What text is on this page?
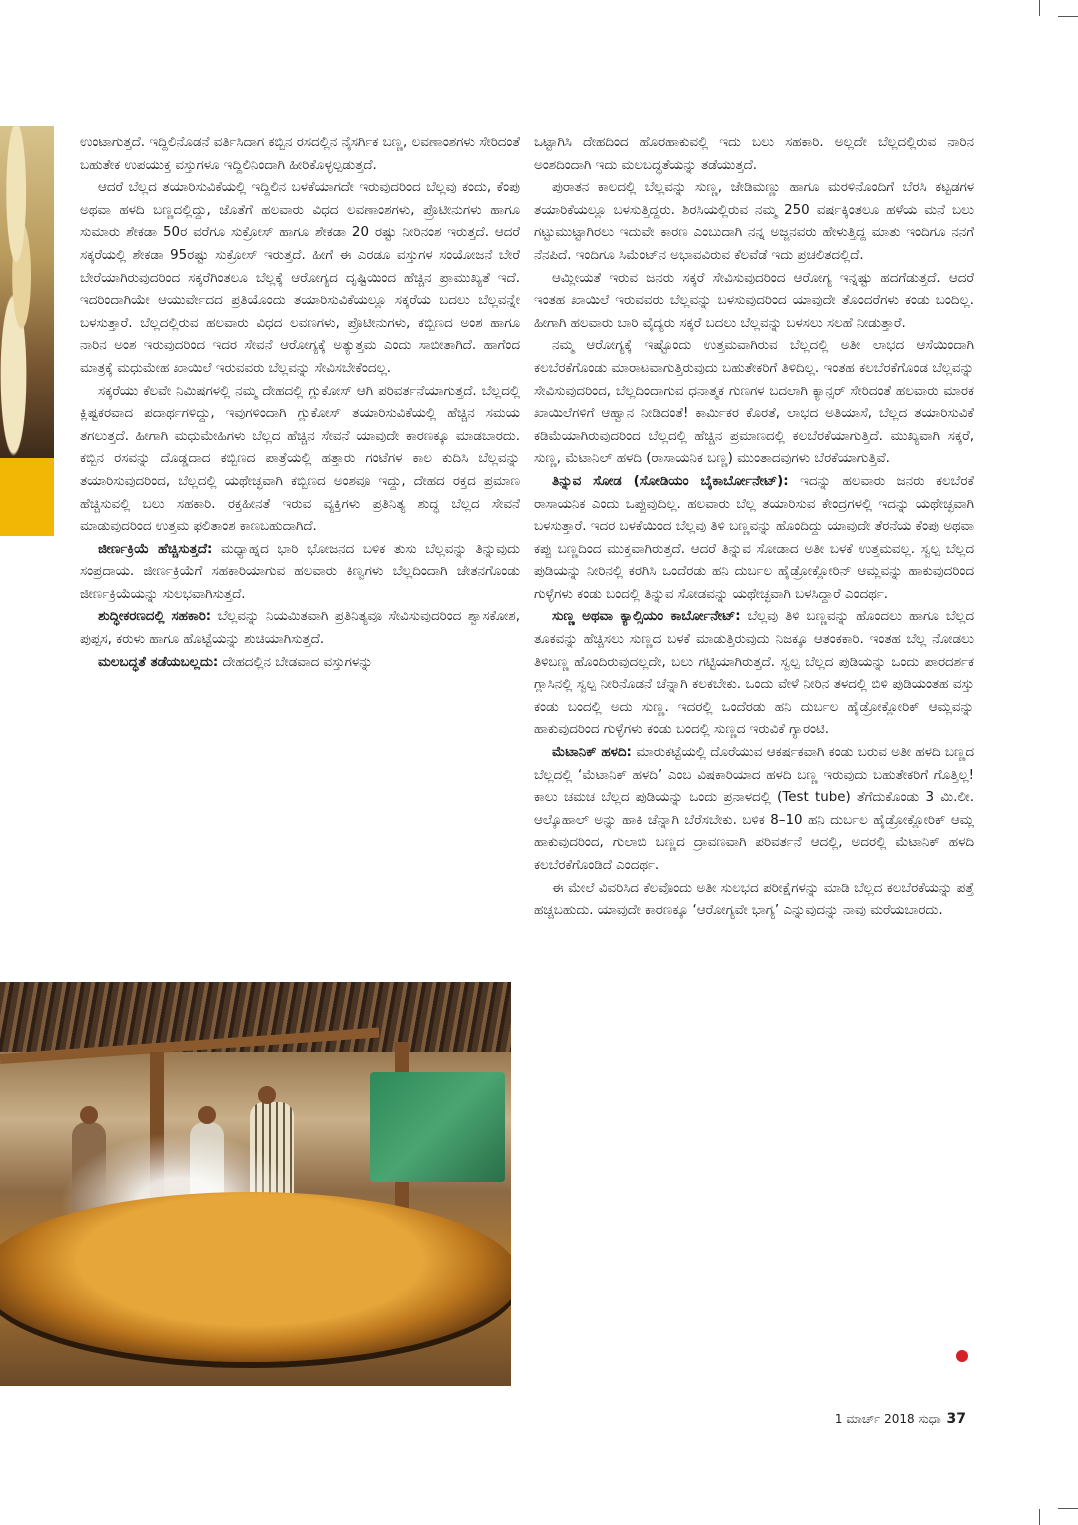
ಉಂಟಾಗುತ್ತದೆ. ಇದ್ದಿಲಿನೊಡನೆ ವರ್ತಿಸಿದಾಗ ಕಬ್ಬಿನ ರಸದಲ್ಲಿನ ನೈಸರ್ಗಿಕ ಬಣ್ಣ, ಲವಣಾಂಶಗಳು ಸೇರಿದಂತೆ ಬಹುತೇಕ ಉಪಯುಕ್ತ ವಸ್ತುಗಳೂ ಇದ್ದಿಲಿನಿಂದಾಗಿ ಹೀರಿಕೊಳ್ಳಲ್ಪಡುತ್ತದೆ.

ಆದರೆ ಬೆಲ್ಲದ ತಯಾರಿಸುವಿಕೆಯಲ್ಲಿ ಇದ್ದಿಲಿನ ಬಳಕೆಯಾಗದೇ ಇರುವುದರಿಂದ ಬೆಲ್ಲವು ಕಂದು, ಕೆಂಪು ಅಥವಾ ಹಳದಿ ಬಣ್ಣದಲ್ಲಿದ್ದು, ಜೊತೆಗೆ ಹಲವಾರು ವಿಧದ ಲವಣಾಂಶಗಳು, ಪ್ರೊಟೀನುಗಳು ಹಾಗೂ ಸುಮಾರು ಶೇಕಡಾ 50ರ ವರೆಗೂ ಸುಕ್ರೋಸ್ ಹಾಗೂ ಶೇಕಡಾ 20 ರಷ್ಟು ನೀರಿನಂಶ ಇರುತ್ತದೆ. ಆದರೆ ಸಕ್ಕರೆಯಲ್ಲಿ ಶೇಕಡಾ 95ರಷ್ಟು ಸುಕ್ರೋಸ್ ಇರುತ್ತದೆ. ಹೀಗೆ ಈ ಎರಡೂ ವಸ್ತುಗಳ ಸಂಯೋಜನೆ ಬೇರೆ ಬೇರೆಯಾಗಿರುವುದರಿಂದ ಸಕ್ಕರೆಗಿಂತಲೂ ಬೆಲ್ಲಕ್ಕೆ ಆರೋಗ್ಯದ ದೃಷ್ಟಿಯಿಂದ ಹೆಚ್ಚಿನ ಪ್ರಾಮುಖ್ಯತೆ ಇದೆ. ಇದರಿಂದಾಗಿಯೇ ಆಯುರ್ವೇದದ ಪ್ರತಿಯೊಂದು ತಯಾರಿಸುವಿಕೆಯಲ್ಲೂ ಸಕ್ಕರೆಯ ಬದಲು ಬೆಲ್ಲವನ್ನೇ ಬಳಸುತ್ತಾರೆ. ಬೆಲ್ಲದಲ್ಲಿರುವ ಹಲವಾರು ವಿಧದ ಲವಣಗಳು, ಪ್ರೊಟೀನುಗಳು, ಕಬ್ಬಿಣದ ಅಂಶ ಹಾಗೂ ನಾರಿನ ಅಂಶ ಇರುವುದರಿಂದ ಇದರ ಸೇವನೆ ಆರೋಗ್ಯಕ್ಕೆ ಅತ್ಯುತ್ತಮ ಎಂದು ಸಾಬೀತಾಗಿದೆ. ಹಾಗೆಂದ ಮಾತ್ರಕ್ಕೆ ಮಧುಮೇಹ ಖಾಯಿಲೆ ಇರುವವರು ಬೆಲ್ಲವನ್ನು ಸೇವಿಸಬೇಕೆಂದಲ್ಲ.

ಸಕ್ಕರೆಯು ಕೆಲವೇ ನಿಮಿಷಗಳಲ್ಲಿ ನಮ್ಮ ದೇಹದಲ್ಲಿ ಗ್ಲುಕೋಸ್ ಆಗಿ ಪರಿವರ್ತನೆಯಾಗುತ್ತದೆ. ಬೆಲ್ಲದಲ್ಲಿ ಕ್ಲಿಷ್ಟಕರವಾದ ಪದಾರ್ಥಗಳಿದ್ದು, ಇವುಗಳಿಂದಾಗಿ ಗ್ಲುಕೋಸ್ ತಯಾರಿಸುವಿಕೆಯಲ್ಲಿ ಹೆಚ್ಚಿನ ಸಮಯ ತಗಲುತ್ತದೆ. ಹೀಗಾಗಿ ಮಧುಮೇಹಿಗಳು ಬೆಲ್ಲದ ಹೆಚ್ಚಿನ ಸೇವನೆ ಯಾವುದೇ ಕಾರಣಕ್ಕೂ ಮಾಡಬಾರದು. ಕಬ್ಬಿನ ರಸವನ್ನು ದೊಡ್ಡದಾದ ಕಬ್ಬಿಣದ ಪಾತ್ರೆಯಲ್ಲಿ ಹತ್ತಾರು ಗಂಟೆಗಳ ಕಾಲ ಕುದಿಸಿ ಬೆಲ್ಲವನ್ನು ತಯಾರಿಸುವುದರಿಂದ, ಬೆಲ್ಲದಲ್ಲಿ ಯಥೇಚ್ಛವಾಗಿ ಕಬ್ಬಿಣದ ಅಂಶವೂ ಇದ್ದು, ದೇಹದ ರಕ್ತದ ಪ್ರಮಾಣ ಹೆಚ್ಚಿಸುವಲ್ಲಿ ಬಲು ಸಹಕಾರಿ. ರಕ್ತಹೀನತೆ ಇರುವ ವ್ಯಕ್ತಿಗಳು ಪ್ರತಿನಿತ್ಯ ಶುದ್ಧ ಬೆಲ್ಲದ ಸೇವನೆ ಮಾಡುವುದರಿಂದ ಉತ್ತಮ ಫಲಿತಾಂಶ ಕಾಣಬಹುದಾಗಿದೆ.

ಜೀರ್ಣಕ್ರಿಯೆ ಹೆಚ್ಚಿಸುತ್ತದೆ: ಮಧ್ಯಾಹ್ನದ ಭಾರಿ ಭೋಜನದ ಬಳಿಕ ತುಸು ಬೆಲ್ಲವನ್ನು ತಿನ್ನುವುದು ಸಂಪ್ರದಾಯ. ಜೀರ್ಣಕ್ರಿಯೆಗೆ ಸಹಕಾರಿಯಾಗುವ ಹಲವಾರು ಕಿಣ್ವಗಳು ಬೆಲ್ಲದಿಂದಾಗಿ ಚೇತನಗೊಂಡು ಜೀರ್ಣಕ್ರಿಯೆಯನ್ನು ಸುಲಭವಾಗಿಸುತ್ತದೆ.

ಶುದ್ಧೀಕರಣದಲ್ಲಿ ಸಹಕಾರಿ: ಬೆಲ್ಲವನ್ನು ನಿಯಮಿತವಾಗಿ ಪ್ರತಿನಿತ್ಯವೂ ಸೇವಿಸುವುದರಿಂದ ಶ್ವಾಸಕೋಶ, ಪುಪ್ಪಸ, ಕರುಳು ಹಾಗೂ ಹೊಟ್ಟೆಯನ್ನು ಶುಚಿಯಾಗಿಸುತ್ತದೆ.

ಮಲಬದ್ಧತೆ ತಡೆಯಬಲ್ಲದು: ದೇಹದಲ್ಲಿನ ಬೇಡವಾದ ವಸ್ತುಗಳನ್ನು

ಒಟ್ಟಾಗಿಸಿ ದೇಹದಿಂದ ಹೊರಹಾಕುವಲ್ಲಿ ಇದು ಬಲು ಸಹಕಾರಿ. ಅಲ್ಲದೇ ಬೆಲ್ಲದಲ್ಲಿರುವ ನಾರಿನ ಅಂಶದಿಂದಾಗಿ ಇದು ಮಲಬದ್ಧತೆಯನ್ನು ತಡೆಯುತ್ತದೆ.

ಪುರಾತನ ಕಾಲದಲ್ಲಿ ಬೆಲ್ಲವನ್ನು ಸುಣ್ಣ, ಜೇಡಿಮಣ್ಣು ಹಾಗೂ ಮರಳಿನೊಂದಿಗೆ ಬೆರಸಿ ಕಟ್ಟಡಗಳ ತಯಾರಿಕೆಯಲ್ಲೂ ಬಳಸುತ್ತಿದ್ದರು. ಶಿರಸಿಯಲ್ಲಿರುವ ನಮ್ಮ 250 ವರ್ಷಕ್ಕಿಂತಲೂ ಹಳೆಯ ಮನೆ ಬಲು ಗಟ್ಟುಮುಟ್ಟಾಗಿರಲು ಇದುವೇ ಕಾರಣ ಎಂಬುದಾಗಿ ನನ್ನ ಅಜ್ಜನವರು ಹೇಳುತ್ತಿದ್ದ ಮಾತು ಇಂದಿಗೂ ನನಗೆ ನೆನಪಿದೆ. ಇಂದಿಗೂ ಸಿಮೆಂಟ್‌ನ ಅಭಾವವಿರುವ ಕೆಲವೆಡೆ ಇದು ಪ್ರಚಲಿತದಲ್ಲಿದೆ.

ಆಮ್ಲೀಯತೆ ಇರುವ ಜನರು ಸಕ್ಕರೆ ಸೇವಿಸುವುದರಿಂದ ಆರೋಗ್ಯ ಇನ್ನಷ್ಟು ಹದಗೆಡುತ್ತದೆ. ಆದರೆ ಇಂತಹ ಖಾಯಿಲೆ ಇರುವವರು ಬೆಲ್ಲವನ್ನು ಬಳಸುವುದರಿಂದ ಯಾವುದೇ ತೊಂದರೆಗಳು ಕಂಡು ಬಂದಿಲ್ಲ. ಹೀಗಾಗಿ ಹಲವಾರು ಬಾರಿ ವೈದ್ಯರು ಸಕ್ಕರೆ ಬದಲು ಬೆಲ್ಲವನ್ನು ಬಳಸಲು ಸಲಹೆ ನೀಡುತ್ತಾರೆ.

ನಮ್ಮ ಆರೋಗ್ಯಕ್ಕೆ ಇಷ್ಟೊಂದು ಉತ್ತಮವಾಗಿರುವ ಬೆಲ್ಲದಲ್ಲಿ ಅತೀ ಲಾಭದ ಆಸೆಯಿಂದಾಗಿ ಕಲಬೆರಕೆಗೊಂಡು ಮಾರಾಟವಾಗುತ್ತಿರುವುದು ಬಹುತೇಕರಿಗೆ ತಿಳಿದಿಲ್ಲ. ಇಂತಹ ಕಲಬೆರಕೆಗೊಂಡ ಬೆಲ್ಲವನ್ನು ಸೇವಿಸುವುದರಿಂದ, ಬೆಲ್ಲದಿಂದಾಗುವ ಧನಾತ್ಮಕ ಗುಣಗಳ ಬದಲಾಗಿ ಕ್ಯಾನ್ಸರ್ ಸೇರಿದಂತೆ ಹಲವಾರು ಮಾರಕ ಖಾಯಿಲೆಗಳಿಗೆ ಆಹ್ವಾನ ನೀಡಿದಂತೆ! ಕಾರ್ಮಿಕರ ಕೊರತೆ, ಲಾಭದ ಅತಿಯಾಸೆ, ಬೆಲ್ಲದ ತಯಾರಿಸುವಿಕೆ ಕಡಿಮೆಯಾಗಿರುವುದರಿಂದ ಬೆಲ್ಲದಲ್ಲಿ ಹೆಚ್ಚಿನ ಪ್ರಮಾಣದಲ್ಲಿ ಕಲಬೆರಕೆಯಾಗುತ್ತಿದೆ. ಮುಖ್ಯವಾಗಿ ಸಕ್ಕರೆ, ಸುಣ್ಣ, ಮೆಟಾನಿಲ್ ಹಳದಿ (ರಾಸಾಯನಿಕ ಬಣ್ಣ) ಮುಂತಾದವುಗಳು ಬೆರಕೆಯಾಗುತ್ತಿವೆ.

ತಿನ್ನುವ ಸೋಡ (ಸೋಡಿಯಂ ಬೈಕಾರ್ಬೋನೇಟ್): ಇದನ್ನು ಹಲವಾರು ಜನರು ಕಲಬೆರಕೆ ರಾಸಾಯನಿಕ ಎಂದು ಒಪ್ಪುವುದಿಲ್ಲ. ಹಲವಾರು ಬೆಲ್ಲ ತಯಾರಿಸುವ ಕೇಂದ್ರಗಳಲ್ಲಿ ಇದನ್ನು ಯಥೇಚ್ಛವಾಗಿ ಬಳಸುತ್ತಾರೆ. ಇದರ ಬಳಕೆಯಿಂದ ಬೆಲ್ಲವು ತಿಳಿ ಬಣ್ಣವನ್ನು ಹೊಂದಿದ್ದು ಯಾವುದೇ ತೆರನೆಯ ಕೆಂಪು ಅಥವಾ ಕಪ್ಪು ಬಣ್ಣದಿಂದ ಮುಕ್ತವಾಗಿರುತ್ತದೆ. ಆದರೆ ತಿನ್ನುವ ಸೋಡಾದ ಅತೀ ಬಳಕೆ ಉತ್ತಮವಲ್ಲ. ಸ್ವಲ್ಪ ಬೆಲ್ಲದ ಪುಡಿಯನ್ನು ನೀರಿನಲ್ಲಿ ಕರಗಿಸಿ ಒಂದೆರಡು ಹನಿ ದುರ್ಬಲ ಹೈಡ್ರೋಕ್ಲೋರಿನ್ ಆಮ್ಲವನ್ನು ಹಾಕುವುದರಿಂದ ಗುಳ್ಳೆಗಳು ಕಂಡು ಬಂದಲ್ಲಿ ತಿನ್ನುವ ಸೋಡವನ್ನು ಯಥೇಚ್ಛವಾಗಿ ಬಳಸಿದ್ದಾರೆ ಎಂದರ್ಥ.

ಸುಣ್ಣ ಅಥವಾ ಕ್ಯಾಲ್ಸಿಯಂ ಕಾರ್ಬೋನೇಟ್: ಬೆಲ್ಲವು ತಿಳಿ ಬಣ್ಣವನ್ನು ಹೊಂದಲು ಹಾಗೂ ಬೆಲ್ಲದ ತೂಕವನ್ನು ಹೆಚ್ಚಿಸಲು ಸುಣ್ಣದ ಬಳಕೆ ಮಾಡುತ್ತಿರುವುದು ನಿಜಕ್ಕೂ ಆತಂಕಕಾರಿ. ಇಂತಹ ಬೆಲ್ಲ ನೋಡಲು ತಿಳಿಬಣ್ಣ ಹೊಂದಿರುವುದಲ್ಲದೇ, ಬಲು ಗಟ್ಟಿಯಾಗಿರುತ್ತದೆ. ಸ್ವಲ್ಪ ಬೆಲ್ಲದ ಪುಡಿಯನ್ನು ಒಂದು ಪಾರದರ್ಶಕ ಗ್ಲಾಸಿನಲ್ಲಿ ಸ್ವಲ್ಪ ನೀರಿನೊಡನೆ ಚೆನ್ನಾಗಿ ಕಲಕಬೇಕು. ಒಂದು ವೇಳೆ ನೀರಿನ ತಳದಲ್ಲಿ ಬಿಳಿ ಪುಡಿಯಂತಹ ವಸ್ತು ಕಂಡು ಬಂದಲ್ಲಿ ಅದು ಸುಣ್ಣ. ಇದರಲ್ಲಿ ಒಂದೆರಡು ಹನಿ ದುರ್ಬಲ ಹೈಡ್ರೋಕ್ಲೋರಿಕ್ ಆಮ್ಲವನ್ನು ಹಾಕುವುದರಿಂದ ಗುಳ್ಳೆಗಳು ಕಂಡು ಬಂದಲ್ಲಿ ಸುಣ್ಣದ ಇರುವಿಕೆ ಗ್ಯಾರಂಟಿ.

ಮೆಟಾನಿಕ್ ಹಳದಿ: ಮಾರುಕಟ್ಟೆಯಲ್ಲಿ ದೊರೆಯುವ ಆಕರ್ಷಕವಾಗಿ ಕಂಡು ಬರುವ ಅತೀ ಹಳದಿ ಬಣ್ಣದ ಬೆಲ್ಲದಲ್ಲಿ ‘ಮೆಟಾನಿಕ್ ಹಳದಿ’ ಎಂಬ ವಿಷಕಾರಿಯಾದ ಹಳದಿ ಬಣ್ಣ ಇರುವುದು ಬಹುತೇಕರಿಗೆ ಗೊತ್ತಿಲ್ಲ! ಕಾಲು ಚಮಚ ಬೆಲ್ಲದ ಪುಡಿಯನ್ನು ಒಂದು ಪ್ರನಾಳದಲ್ಲಿ (Test tube) ತೆಗೆದುಕೊಂಡು 3 ಮಿ.ಲೀ. ಆಲ್ಕೊಹಾಲ್ ಅನ್ನು ಹಾಕಿ ಚೆನ್ನಾಗಿ ಬೆರೆಸಬೇಕು. ಬಳಿಕ 8–10 ಹನಿ ದುರ್ಬಲ ಹೈಡ್ರೋಕ್ಲೋರಿಕ್ ಆಮ್ಲ ಹಾಕುವುದರಿಂದ, ಗುಲಾಬಿ ಬಣ್ಣದ ದ್ರಾವಣವಾಗಿ ಪರಿವರ್ತನೆ ಆದಲ್ಲಿ, ಅದರಲ್ಲಿ ಮೆಟಾನಿಕ್ ಹಳದಿ ಕಲಬೆರಕೆಗೊಂಡಿದೆ ಎಂದರ್ಥ.

ಈ ಮೇಲೆ ವಿವರಿಸಿದ ಕೆಲವೊಂದು ಅತೀ ಸುಲಭದ ಪರೀಕ್ಷೆಗಳನ್ನು ಮಾಡಿ ಬೆಲ್ಲದ ಕಲಬೆರಕೆಯನ್ನು ಪತ್ತೆ ಹಚ್ಚಬಹುದು. ಯಾವುದೇ ಕಾರಣಕ್ಕೂ ‘ಆರೋಗ್ಯವೇ ಭಾಗ್ಯ’ ಎನ್ನುವುದನ್ನು ನಾವು ಮರೆಯಬಾರದು.

1 ಮಾರ್ಚ್ 2018 ಸುಧಾ 37
